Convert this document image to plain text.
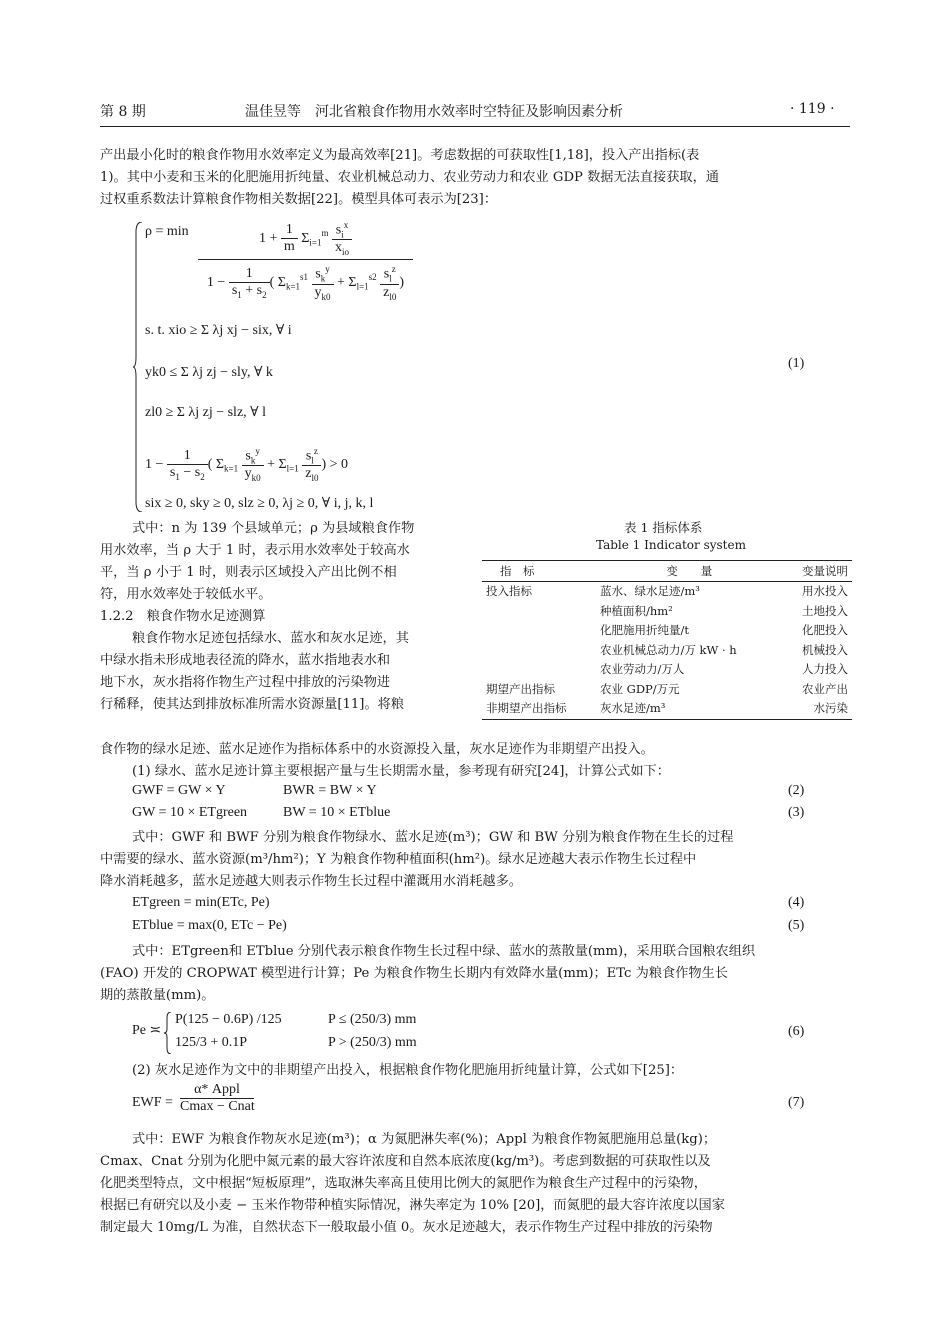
第 8 期	温佳昱等　河北省粮食作物用水效率时空特征及影响因素分析	· 119 ·
产出最小化时的粮食作物用水效率定义为最高效率[21]。考虑数据的可获取性[1,18]，投入产出指标(表
1)。其中小麦和玉米的化肥施用折纯量、农业机械总动力、农业劳动力和农业 GDP 数据无法直接获取，通
过权重系数法计算粮食作物相关数据[22]。模型具体可表示为[23]：
ρ = min	$1 + \frac{1}{m} \Sigma_{i=1}^m \frac{s_i^x}{x_{io}}$
$1 - \frac{1}{s_1 + s_2}$ ( $\Sigma_{k=1}^{s1} \frac{s_k^y}{y_{k0}} + \Sigma_{l=1}^{s2} \frac{s_l^z}{z_{l0}}$ )
s. t. xio ≥ Σ λj xj − six, ∀ i
yk0 ≤ Σ λj zj − sly, ∀ k
zl0 ≥ Σ λj zj − slz, ∀ l
$1 - \frac{1}{s_1 - s_2}$ ( $\Sigma_{k=1} \frac{s_k^y}{y_{k0}} + \Sigma_{l=1} \frac{s_l^z}{z_{l0}}$ ) > 0
six ≥ 0, sky ≥ 0, slz ≥ 0, λj ≥ 0, ∀ i, j, k, l
(1)
式中：n 为 139 个县域单元；ρ 为县域粮食作物
用水效率，当 ρ 大于 1 时，表示用水效率处于较高水
平，当 ρ 小于 1 时，则表示区域投入产出比例不相
符，用水效率处于较低水平。
1.2.2　粮食作物水足迹测算
粮食作物水足迹包括绿水、蓝水和灰水足迹，其
中绿水指未形成地表径流的降水，蓝水指地表水和
地下水，灰水指将作物生产过程中排放的污染物进
行稀释，使其达到排放标准所需水资源量[11]。将粮
表 1 指标体系
Table 1 Indicator system
指　标	变　　量	变量说明
投入指标	蓝水、绿水足迹/m³	用水投入
	种植面积/hm²	土地投入
	化肥施用折纯量/t	化肥投入
	农业机械总动力/万 kW · h	机械投入
	农业劳动力/万人	人力投入
期望产出指标	农业 GDP/万元	农业产出
非期望产出指标	灰水足迹/m³	水污染
食作物的绿水足迹、蓝水足迹作为指标体系中的水资源投入量，灰水足迹作为非期望产出投入。
(1) 绿水、蓝水足迹计算主要根据产量与生长期需水量，参考现有研究[24]，计算公式如下：
GWF = GW × Y	BWR = BW × Y	(2)
GW = 10 × ETgreen	BW = 10 × ETblue	(3)
式中：GWF 和 BWF 分别为粮食作物绿水、蓝水足迹(m³)；GW 和 BW 分别为粮食作物在生长的过程
中需要的绿水、蓝水资源(m³/hm²)；Y 为粮食作物种植面积(hm²)。绿水足迹越大表示作物生长过程中
降水消耗越多，蓝水足迹越大则表示作物生长过程中灌溉用水消耗越多。
ETgreen = min(ETc, Pe)	(4)
ETblue = max(0, ETc − Pe)	(5)
式中：ETgreen和 ETblue 分别代表示粮食作物生长过程中绿、蓝水的蒸散量(mm)，采用联合国粮农组织
(FAO) 开发的 CROPWAT 模型进行计算；Pe 为粮食作物生长期内有效降水量(mm)；ETc 为粮食作物生长
期的蒸散量(mm)。
Pe ≍
P(125 − 0.6P) /125	P ≤ (250/3) mm
125/3 + 0.1P	P > (250/3) mm
(6)
(2) 灰水足迹作为文中的非期望产出投入，根据粮食作物化肥施用折纯量计算，公式如下[25]：
EWF =
α* Appl
Cmax − Cnat	(7)
式中：EWF 为粮食作物灰水足迹(m³)；α 为氮肥淋失率(%)；Appl 为粮食作物氮肥施用总量(kg)；
Cmax、Cnat 分别为化肥中氮元素的最大容许浓度和自然本底浓度(kg/m³)。考虑到数据的可获取性以及
化肥类型特点，文中根据“短板原理”，选取淋失率高且使用比例大的氮肥作为粮食生产过程中的污染物，
根据已有研究以及小麦 − 玉米作物带种植实际情况，淋失率定为 10% [20]，而氮肥的最大容许浓度以国家
制定最大 10mg/L 为准，自然状态下一般取最小值 0。灰水足迹越大，表示作物生产过程中排放的污染物
